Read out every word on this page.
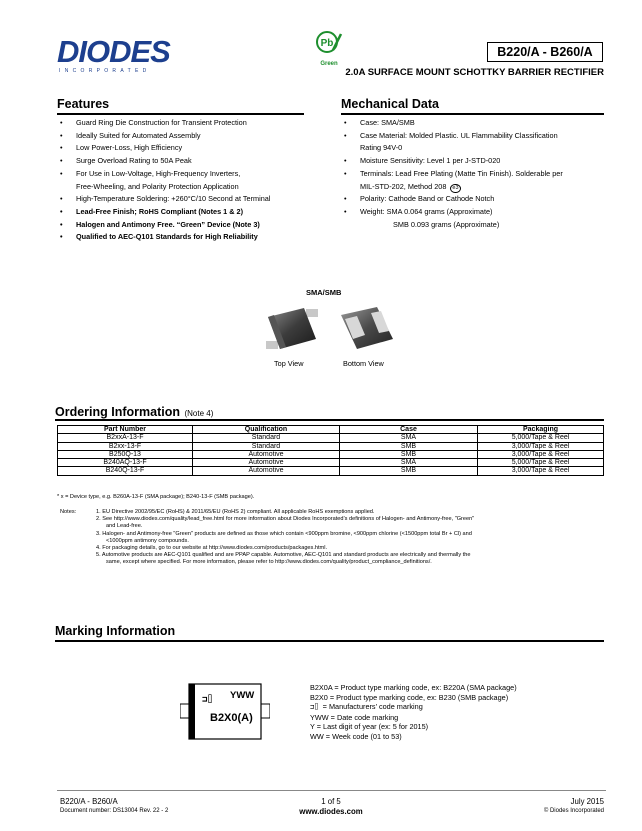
DIODES
INCORPORATED
Pb
Green
B220/A - B260/A
2.0A SURFACE MOUNT SCHOTTKY BARRIER RECTIFIER
Features
• Guard Ring Die Construction for Transient Protection
• Ideally Suited for Automated Assembly
• Low Power-Loss, High Efficiency
• Surge Overload Rating to 50A Peak
• For Use in Low-Voltage, High-Frequency Inverters,
Free-Wheeling, and Polarity Protection Application
• High-Temperature Soldering: +260°C/10 Second at Terminal
• Lead-Free Finish; RoHS Compliant (Notes 1 & 2)
• Halogen and Antimony Free. “Green” Device (Note 3)
• Qualified to AEC-Q101 Standards for High Reliability
Mechanical Data
• Case: SMA/SMB
• Case Material: Molded Plastic. UL Flammability Classification
Rating 94V-0
• Moisture Sensitivity: Level 1 per J-STD-020
• Terminals: Lead Free Plating (Matte Tin Finish). Solderable per
MIL-STD-202, Method 208 e3
• Polarity: Cathode Band or Cathode Notch
• Weight: SMA 0.064 grams (Approximate)
SMB 0.093 grams (Approximate)
SMA/SMB
Top View	Bottom View
Ordering Information (Note 4)
Part Number	Qualification	Case	Packaging
B2xxA-13-F	Standard	SMA	5,000/Tape & Reel
B2xx-13-F	Standard	SMB	3,000/Tape & Reel
B250Q-13	Automotive	SMB	3,000/Tape & Reel
B240AQ-13-F	Automotive	SMA	5,000/Tape & Reel
B240Q-13-F	Automotive	SMB	3,000/Tape & Reel
* x = Device type, e.g. B260A-13-F (SMA package); B240-13-F (SMB package).
Notes:	1. EU Directive 2002/95/EC (RoHS) & 2011/65/EU (RoHS 2) compliant. All applicable RoHS exemptions applied.
2. See http://www.diodes.com/quality/lead_free.html for more information about Diodes Incorporated’s definitions of Halogen- and Antimony-free, "Green"
and Lead-free.
3. Halogen- and Antimony-free "Green" products are defined as those which contain <900ppm bromine, <900ppm chlorine (<1500ppm total Br + Cl) and
<1000ppm antimony compounds.
4. For packaging details, go to our website at http://www.diodes.com/products/packages.html.
5. Automotive products are AEC-Q101 qualified and are PPAP capable. Automotive, AEC-Q101 and standard products are electrically and thermally the
same, except where specified. For more information, please refer to http://www.diodes.com/quality/product_compliance_definitions/.
Marking Information
⊐⌷ YWW
B2X0(A)
B2X0A = Product type marking code, ex: B220A (SMA package)
B2X0 = Product type marking code, ex: B230 (SMB package)
⊐⌷ = Manufacturers’ code marking
YWW = Date code marking
Y = Last digit of year (ex: 5 for 2015)
WW = Week code (01 to 53)
B220/A - B260/A
Document number: DS13004 Rev. 22 - 2
1 of 5
www.diodes.com
July 2015
© Diodes Incorporated
